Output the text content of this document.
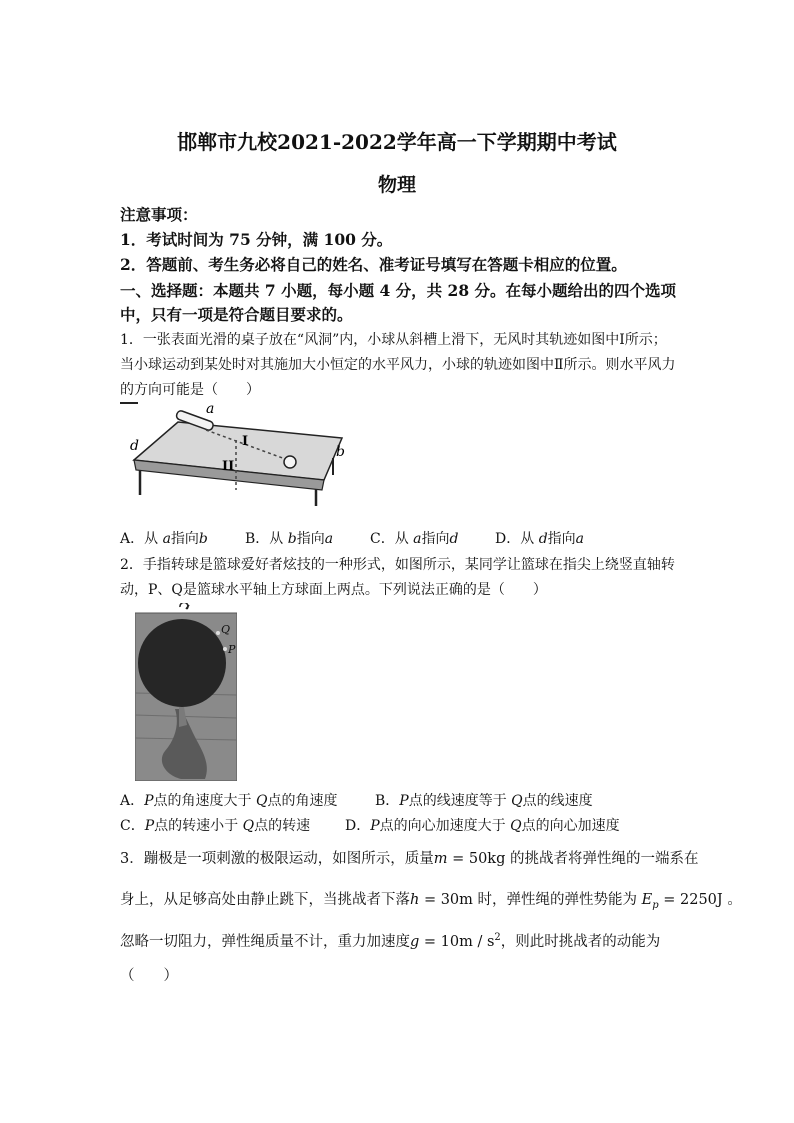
邯郸市九校2021-2022学年高一下学期期中考试
物理
注意事项：
1．考试时间为 75 分钟，满 100 分。
2．答题前、考生务必将自己的姓名、准考证号填写在答题卡相应的位置。
一、选择题：本题共 7 小题，每小题 4 分，共 28 分。在每小题给出的四个选项
中，只有一项是符合题目要求的。
1．一张表面光滑的桌子放在“风洞”内，小球从斜槽上滑下，无风时其轨迹如图中Ⅰ所示；
当小球运动到某处时对其施加大小恒定的水平风力，小球的轨迹如图中Ⅱ所示。则水平风力
的方向可能是（　　）
a
b
d	I
II
A．从 a指向b	B．从 b指向a	C．从 a指向d	D．从 d指向a
2．手指转球是篮球爱好者炫技的一种形式，如图所示，某同学让篮球在指尖上绕竖直轴转
动，P、Q是篮球水平轴上方球面上两点。下列说法正确的是（　　）
Q
P
A．P点的角速度大于 Q点的角速度	B．P点的线速度等于 Q点的线速度
C．P点的转速小于 Q点的转速 D．P点的向心加速度大于 Q点的向心加速度
3．蹦极是一项刺激的极限运动，如图所示，质量m = 50kg 的挑战者将弹性绳的一端系在
身上，从足够高处由静止跳下，当挑战者下落h = 30m 时，弹性绳的弹性势能为 $E_p = 2250J$ 。
忽略一切阻力，弹性绳质量不计，重力加速度$g = 10m / s^2$，则此时挑战者的动能为
（　　）
